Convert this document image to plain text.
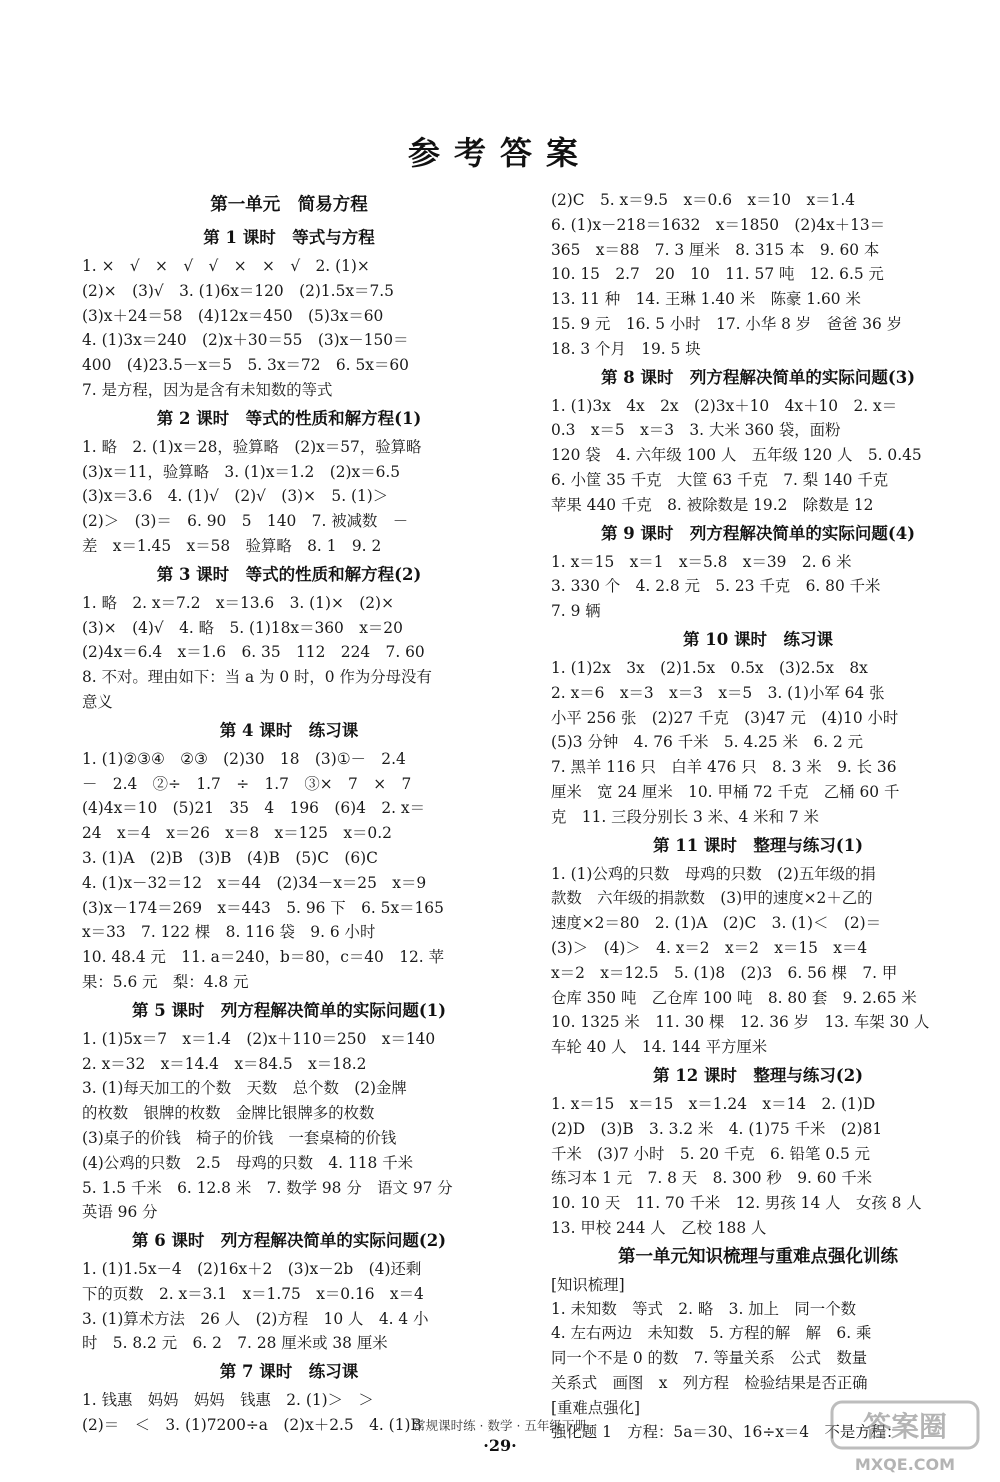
参考答案
第一单元　简易方程
第 1 课时　等式与方程
1. ×　√　×　√　√　×　×　√　2. (1)×
(2)×　(3)√　3. (1)6x＝120　(2)1.5x＝7.5
(3)x＋24＝58　(4)12x＝450　(5)3x＝60
4. (1)3x＝240　(2)x＋30＝55　(3)x－150＝
400　(4)23.5－x＝5　5. 3x＝72　6. 5x＝60
7. 是方程，因为是含有未知数的等式
第 2 课时　等式的性质和解方程(1)
1. 略　2. (1)x＝28，验算略　(2)x＝57，验算略
(3)x＝11，验算略　3. (1)x＝1.2　(2)x＝6.5
(3)x＝3.6　4. (1)√　(2)√　(3)×　5. (1)＞
(2)＞　(3)＝　6. 90　5　140　7. 被减数　－
差　x＝1.45　x＝58　验算略　8. 1　9. 2
第 3 课时　等式的性质和解方程(2)
1. 略　2. x＝7.2　x＝13.6　3. (1)×　(2)×
(3)×　(4)√　4. 略　5. (1)18x＝360　x＝20
(2)4x＝6.4　x＝1.6　6. 35　112　224　7. 60
8. 不对。理由如下：当 a 为 0 时，0 作为分母没有
意义
第 4 课时　练习课
1. (1)②③④　②③　(2)30　18　(3)①－　2.4
－　2.4　②÷　1.7　÷　1.7　③×　7　×　7
(4)4x＝10　(5)21　35　4　196　(6)4　2. x＝
24　x＝4　x＝26　x＝8　x＝125　x＝0.2
3. (1)A　(2)B　(3)B　(4)B　(5)C　(6)C
4. (1)x－32＝12　x＝44　(2)34－x＝25　x＝9
(3)x－174＝269　x＝443　5. 96 下　6. 5x＝165
x＝33　7. 122 棵　8. 116 袋　9. 6 小时
10. 48.4 元　11. a＝240，b＝80，c＝40　12. 苹
果：5.6 元　梨：4.8 元
第 5 课时　列方程解决简单的实际问题(1)
1. (1)5x＝7　x＝1.4　(2)x＋110＝250　x＝140
2. x＝32　x＝14.4　x＝84.5　x＝18.2
3. (1)每天加工的个数　天数　总个数　(2)金牌
的枚数　银牌的枚数　金牌比银牌多的枚数
(3)桌子的价钱　椅子的价钱　一套桌椅的价钱
(4)公鸡的只数　2.5　母鸡的只数　4. 118 千米
5. 1.5 千米　6. 12.8 米　7. 数学 98 分　语文 97 分
英语 96 分
第 6 课时　列方程解决简单的实际问题(2)
1. (1)1.5x－4　(2)16x＋2　(3)x－2b　(4)还剩
下的页数　2. x＝3.1　x＝1.75　x＝0.16　x＝4
3. (1)算术方法　26 人　(2)方程　10 人　4. 4 小
时　5. 8.2 元　6. 2　7. 28 厘米或 38 厘米
第 7 课时　练习课
1. 钱惠　妈妈　妈妈　钱惠　2. (1)＞　＞
(2)＝　＜　3. (1)7200÷a　(2)x＋2.5　4. (1)B
(2)C　5. x＝9.5　x＝0.6　x＝10　x＝1.4
6. (1)x－218＝1632　x＝1850　(2)4x＋13＝
365　x＝88　7. 3 厘米　8. 315 本　9. 60 本
10. 15　2.7　20　10　11. 57 吨　12. 6.5 元
13. 11 种　14. 王琳 1.40 米　陈豪 1.60 米
15. 9 元　16. 5 小时　17. 小华 8 岁　爸爸 36 岁
18. 3 个月　19. 5 块
第 8 课时　列方程解决简单的实际问题(3)
1. (1)3x　4x　2x　(2)3x＋10　4x＋10　2. x＝
0.3　x＝5　x＝3　3. 大米 360 袋，面粉
120 袋　4. 六年级 100 人　五年级 120 人　5. 0.45
6. 小筐 35 千克　大筐 63 千克　7. 梨 140 千克
苹果 440 千克　8. 被除数是 19.2　除数是 12
第 9 课时　列方程解决简单的实际问题(4)
1. x＝15　x＝1　x＝5.8　x＝39　2. 6 米
3. 330 个　4. 2.8 元　5. 23 千克　6. 80 千米
7. 9 辆
第 10 课时　练习课
1. (1)2x　3x　(2)1.5x　0.5x　(3)2.5x　8x
2. x＝6　x＝3　x＝3　x＝5　3. (1)小军 64 张
小平 256 张　(2)27 千克　(3)47 元　(4)10 小时
(5)3 分钟　4. 76 千米　5. 4.25 米　6. 2 元
7. 黑羊 116 只　白羊 476 只　8. 3 米　9. 长 36
厘米　宽 24 厘米　10. 甲桶 72 千克　乙桶 60 千
克　11. 三段分别长 3 米、4 米和 7 米
第 11 课时　整理与练习(1)
1. (1)公鸡的只数　母鸡的只数　(2)五年级的捐
款数　六年级的捐款数　(3)甲的速度×2＋乙的
速度×2＝80　2. (1)A　(2)C　3. (1)＜　(2)＝
(3)＞　(4)＞　4. x＝2　x＝2　x＝15　x＝4
x＝2　x＝12.5　5. (1)8　(2)3　6. 56 棵　7. 甲
仓库 350 吨　乙仓库 100 吨　8. 80 套　9. 2.65 米
10. 1325 米　11. 30 棵　12. 36 岁　13. 车架 30 人
车轮 40 人　14. 144 平方厘米
第 12 课时　整理与练习(2)
1. x＝15　x＝15　x＝1.24　x＝14　2. (1)D
(2)D　(3)B　3. 3.2 米　4. (1)75 千米　(2)81
千米　(3)7 小时　5. 20 千克　6. 铅笔 0.5 元
练习本 1 元　7. 8 天　8. 300 秒　9. 60 千米
10. 10 天　11. 70 千米　12. 男孩 14 人　女孩 8 人
13. 甲校 244 人　乙校 188 人
第一单元知识梳理与重难点强化训练
[知识梳理]
1. 未知数　等式　2. 略　3. 加上　同一个数
4. 左右两边　未知数　5. 方程的解　解　6. 乘
同一个不是 0 的数　7. 等量关系　公式　数量
关系式　画图　x　列方程　检验结果是否正确
[重难点强化]
强化题 1　方程：5a＝30、16÷x＝4　不是方程：
常规课时练 · 数学 · 五年级下册
·29·
答案圈
MXQE.COM
